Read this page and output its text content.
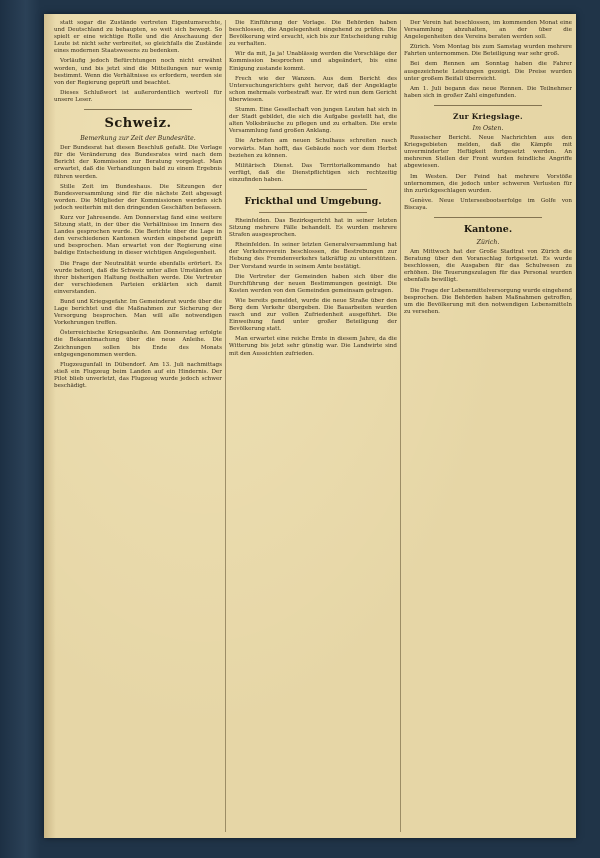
statt sogar die Zustände vertreten Eigentumsrechte, und Deutschland zu behaupten, so weit sich bewegt. So spielt er eine wichtige Rolle und die Anschauung der Leute ist nicht sehr verbreitet, so gleichfalls die Zustände eines modernen Staatswesens zu bedenken.

Vorläufig jedoch Befürchtungen noch nicht erwähnt worden, und bis jetzt sind die Mitteilungen nur wenig bestimmt. Wenn die Verhältnisse es erfordern, werden sie von der Regierung geprüft und beachtet.

Dieses Schlußwort ist außerordentlich wertvoll für unsere Leser.

Schweiz.

Bemerkung zur Zeit der Bundesräte.

Der Bundesrat hat diesen Beschluß gefaßt. Die Vorlage für die Veränderung des Bundesrates wird nach dem Bericht der Kommission zur Beratung vorgelegt. Man erwartet, daß die Verhandlungen bald zu einem Ergebnis führen werden.

Stille Zeit im Bundeshaus. Die Sitzungen der Bundesversammlung sind für die nächste Zeit abgesagt worden. Die Mitglieder der Kommissionen werden sich jedoch weiterhin mit den dringenden Geschäften befassen.

Kurz vor Jahresende. Am Donnerstag fand eine weitere Sitzung statt, in der über die Verhältnisse im Innern des Landes gesprochen wurde. Die Berichte über die Lage in den verschiedenen Kantonen wurden eingehend geprüft und besprochen. Man erwartet von der Regierung eine baldige Entscheidung in dieser wichtigen Angelegenheit.

Die Frage der Neutralität wurde ebenfalls erörtert. Es wurde betont, daß die Schweiz unter allen Umständen an ihrer bisherigen Haltung festhalten werde. Die Vertreter der verschiedenen Parteien erklärten sich damit einverstanden.

Bund und Kriegsgefahr. Im Gemeinderat wurde über die Lage berichtet und die Maßnahmen zur Sicherung der Versorgung besprochen. Man will alle notwendigen Vorkehrungen treffen.

Österreichische Kriegsanleihe. Am Donnerstag erfolgte die Bekanntmachung über die neue Anleihe. Die Zeichnungen sollen bis Ende des Monats entgegengenommen werden.

Flugzeugunfall in Dübendorf. Am 13. Juli nachmittags stieß ein Flugzeug beim Landen auf ein Hindernis. Der Pilot blieb unverletzt, das Flugzeug wurde jedoch schwer beschädigt.

Die Einführung der Vorlage. Die Behörden haben beschlossen, die Angelegenheit eingehend zu prüfen. Die Bevölkerung wird ersucht, sich bis zur Entscheidung ruhig zu verhalten.

Wir da mit, Ja ja! Unablässig werden die Vorschläge der Kommission besprochen und abgeändert, bis eine Einigung zustande kommt.

Frech wie der Wanzen. Aus dem Bericht des Untersuchungsrichters geht hervor, daß der Angeklagte schon mehrmals vorbestraft war. Er wird nun dem Gericht überwiesen.

Stumm. Eine Gesellschaft von jungen Leuten hat sich in der Stadt gebildet, die sich die Aufgabe gestellt hat, die alten Volksbräuche zu pflegen und zu erhalten. Die erste Versammlung fand großen Anklang.

Die Arbeiten am neuen Schulhaus schreiten rasch vorwärts. Man hofft, das Gebäude noch vor dem Herbst beziehen zu können.

Militärisch Dienst. Das Territorialkommando hat verfügt, daß die Dienstpflichtigen sich rechtzeitig einzufinden haben.

Frickthal und Umgebung.

Rheinfelden. Das Bezirksgericht hat in seiner letzten Sitzung mehrere Fälle behandelt. Es wurden mehrere Strafen ausgesprochen.

Rheinfelden. In seiner letzten Generalversammlung hat der Verkehrsverein beschlossen, die Bestrebungen zur Hebung des Fremdenverkehrs tatkräftig zu unterstützen. Der Vorstand wurde in seinem Amte bestätigt.

Die Vertreter der Gemeinden haben sich über die Durchführung der neuen Bestimmungen geeinigt. Die Kosten werden von den Gemeinden gemeinsam getragen.

Wie bereits gemeldet, wurde die neue Straße über den Berg dem Verkehr übergeben. Die Bauarbeiten wurden rasch und zur vollen Zufriedenheit ausgeführt. Die Einweihung fand unter großer Beteiligung der Bevölkerung statt.

Man erwartet eine reiche Ernte in diesem Jahre, da die Witterung bis jetzt sehr günstig war. Die Landwirte sind mit den Aussichten zufrieden.

Der Verein hat beschlossen, im kommenden Monat eine Versammlung abzuhalten, an der über die Angelegenheiten des Vereins beraten werden soll.

Zürich. Vom Montag bis zum Samstag wurden mehrere Fahrten unternommen. Die Beteiligung war sehr groß.

Bei dem Rennen am Sonntag haben die Fahrer ausgezeichnete Leistungen gezeigt. Die Preise wurden unter großem Beifall überreicht.

Am 1. Juli begann das neue Rennen. Die Teilnehmer haben sich in großer Zahl eingefunden.

Zur Kriegslage.

Im Osten.

Russischer Bericht. Neue Nachrichten aus den Kriegsgebieten melden, daß die Kämpfe mit unverminderter Heftigkeit fortgesetzt werden. An mehreren Stellen der Front wurden feindliche Angriffe abgewiesen.

Im Westen. Der Feind hat mehrere Vorstöße unternommen, die jedoch unter schweren Verlusten für ihn zurückgeschlagen wurden.

Genève. Neue Unterseebootserfolge im Golfe von Biscaya.

Kantone.

Zürich.

Am Mittwoch hat der Große Stadtrat von Zürich die Beratung über den Voranschlag fortgesetzt. Es wurde beschlossen, die Ausgaben für das Schulwesen zu erhöhen. Die Teuerungszulagen für das Personal wurden ebenfalls bewilligt.

Die Frage der Lebensmittelversorgung wurde eingehend besprochen. Die Behörden haben Maßnahmen getroffen, um die Bevölkerung mit den notwendigen Lebensmitteln zu versehen.
